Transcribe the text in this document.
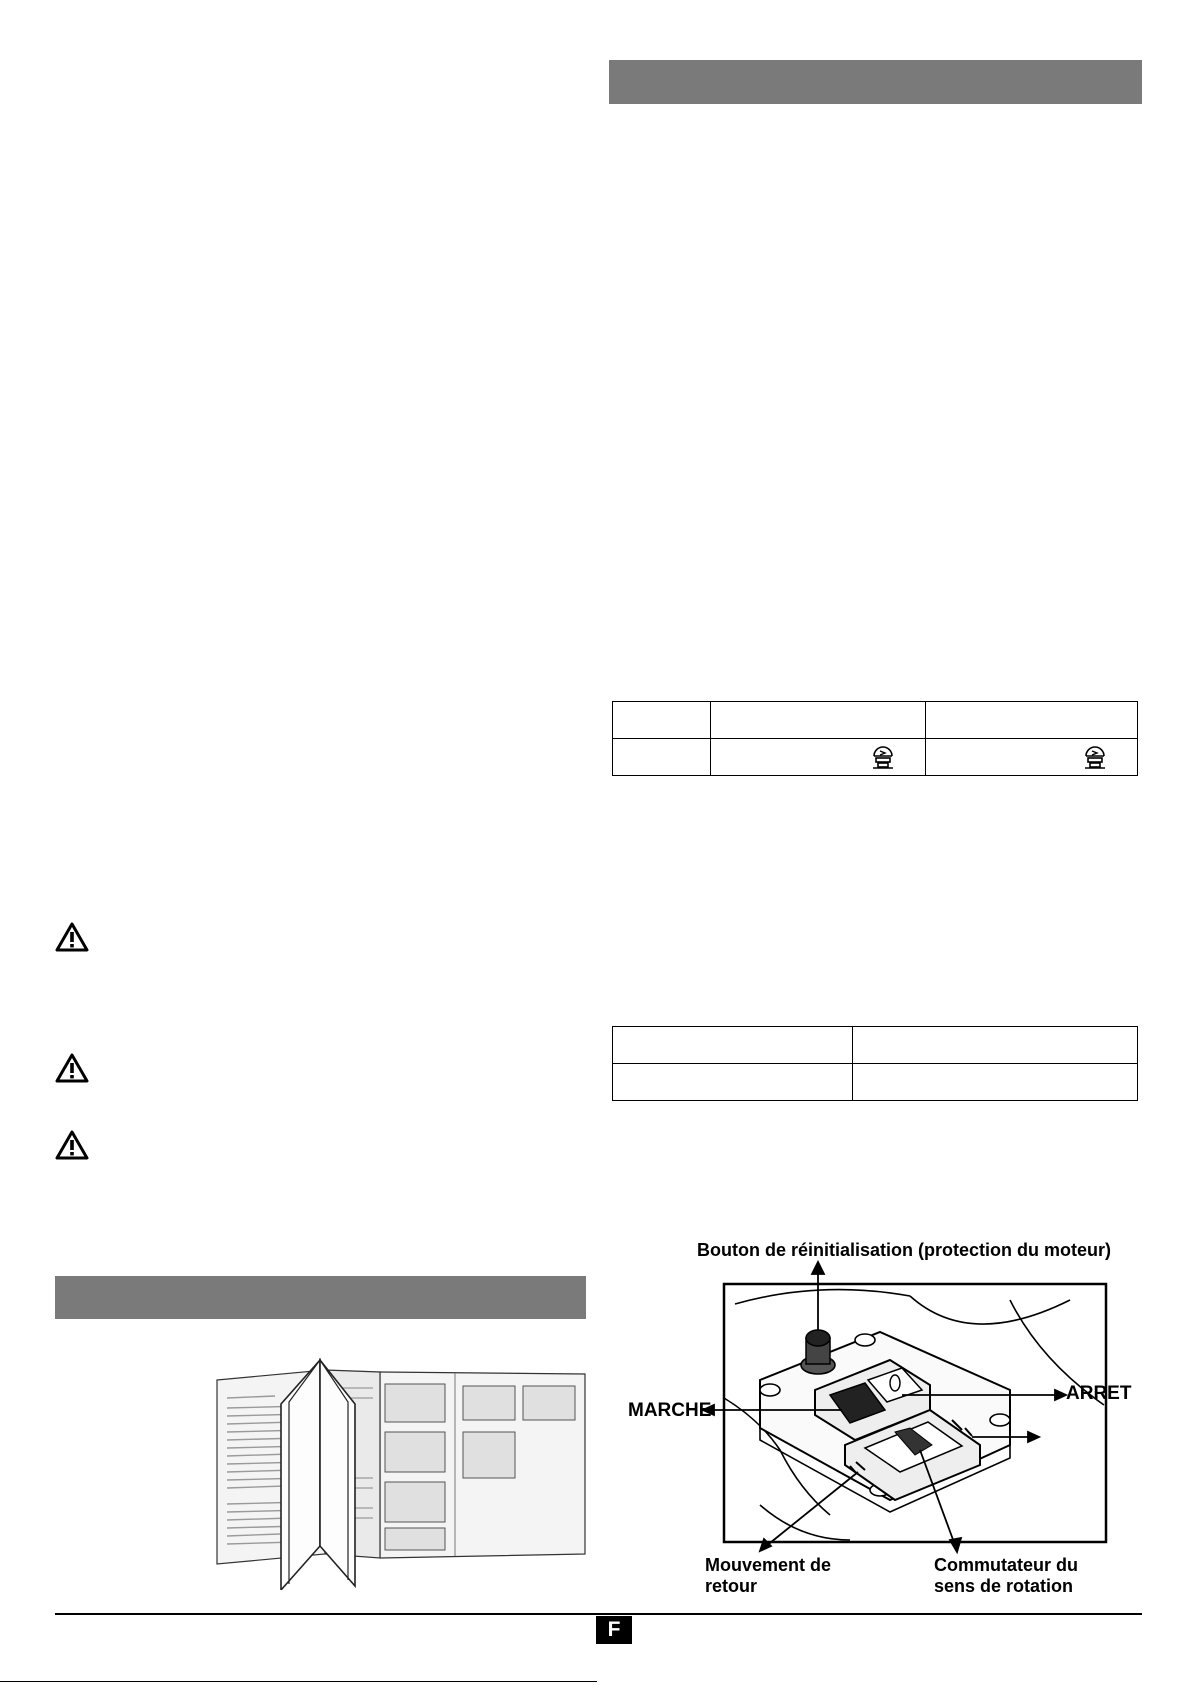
Bouton de réinitialisation (protection du moteur)
MARCHE
ARRET
Mouvement de retour
Commutateur du sens de rotation
F
